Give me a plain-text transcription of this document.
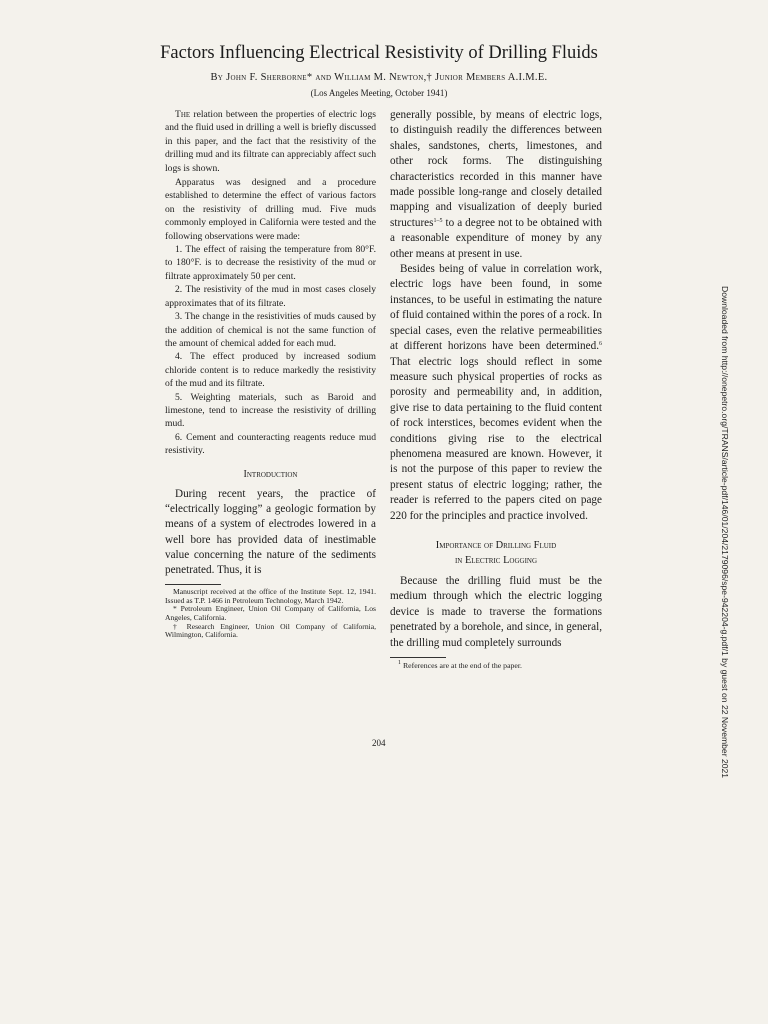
Factors Influencing Electrical Resistivity of Drilling Fluids
By John F. Sherborne* and William M. Newton,† Junior Members A.I.M.E.
(Los Angeles Meeting, October 1941)

The relation between the properties of electric logs and the fluid used in drilling a well is briefly discussed in this paper, and the fact that the resistivity of the drilling mud and its filtrate can appreciably affect such logs is shown.

Apparatus was designed and a procedure established to determine the effect of various factors on the resistivity of drilling mud. Five muds commonly employed in California were tested and the following observations were made:

1. The effect of raising the temperature from 80°F. to 180°F. is to decrease the resistivity of the mud or filtrate approximately 50 per cent.

2. The resistivity of the mud in most cases closely approximates that of its filtrate.

3. The change in the resistivities of muds caused by the addition of chemical is not the same function of the amount of chemical added for each mud.

4. The effect produced by increased sodium chloride content is to reduce markedly the resistivity of the mud and its filtrate.

5. Weighting materials, such as Baroid and limestone, tend to increase the resistivity of drilling mud.

6. Cement and counteracting reagents reduce mud resistivity.

Introduction

During recent years, the practice of “electrically logging” a geologic formation by means of a system of electrodes lowered in a well bore has provided data of inestimable value concerning the nature of the sediments penetrated. Thus, it is

Manuscript received at the office of the Institute Sept. 12, 1941. Issued as T.P. 1466 in Petroleum Technology, March 1942.

* Petroleum Engineer, Union Oil Company of California, Los Angeles, California.

† Research Engineer, Union Oil Company of California, Wilmington, California.

generally possible, by means of electric logs, to distinguish readily the differences between shales, sandstones, cherts, limestones, and other rock forms. The distinguishing characteristics recorded in this manner have made possible long-range and closely detailed mapping and visualization of deeply buried structures$^{1-5}$ to a degree not to be obtained with a reasonable expenditure of money by any other means at present in use.

Besides being of value in correlation work, electric logs have been found, in some instances, to be useful in estimating the nature of fluid contained within the pores of a rock. In special cases, even the relative permeabilities at different horizons have been determined.$^6$ That electric logs should reflect in some measure such physical properties of rocks as porosity and permeability and, in addition, give rise to data pertaining to the fluid content of rock interstices, becomes evident when the conditions giving rise to the electrical phenomena measured are known. However, it is not the purpose of this paper to review the present status of electric logging; rather, the reader is referred to the papers cited on page 220 for the principles and practice involved.

Importance of Drilling Fluid
in Electric Logging

Because the drilling fluid must be the medium through which the electric logging device is made to traverse the formations penetrated by a borehole, and since, in general, the drilling mud completely surrounds

$^1$ References are at the end of the paper.

204	Downloaded from http://onepetro.org/TRANS/article-pdf/146/01/204/2179096/spe-942204-g.pdf/1 by guest on 22 November 2021
